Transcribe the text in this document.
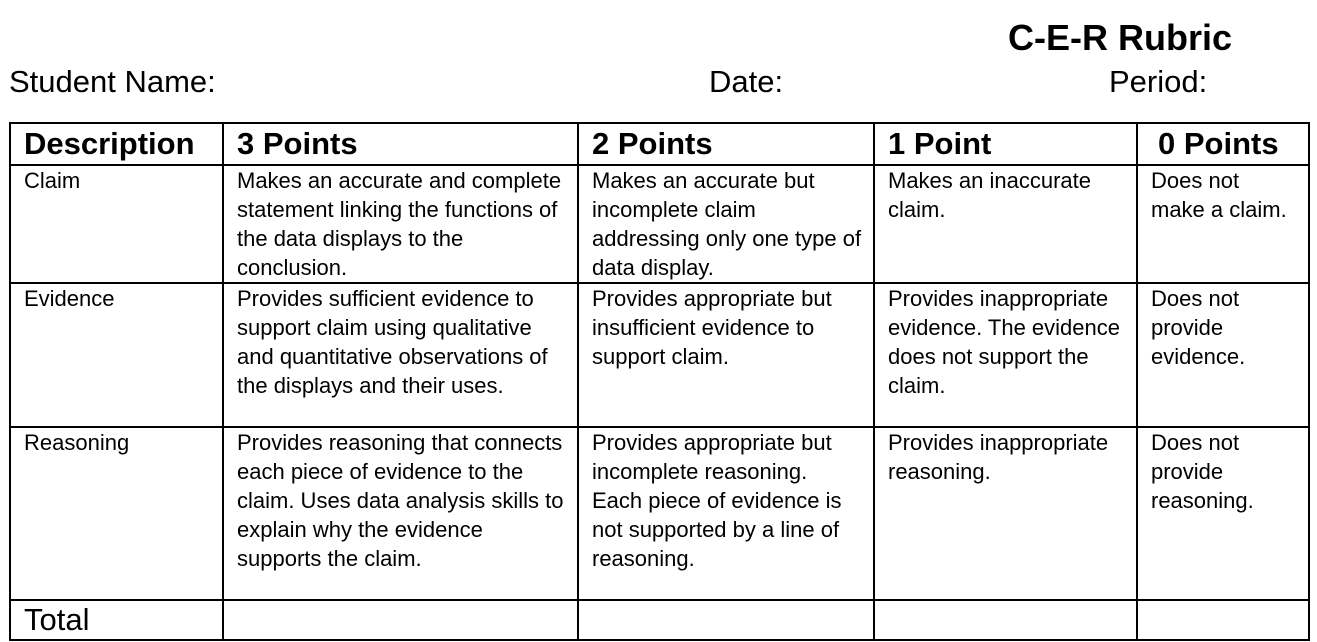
C-E-R Rubric
Student Name:	Date:	Period:
Description	3 Points	2 Points	1 Point	0 Points
Claim	Makes an accurate and complete statement linking the functions of the data displays to the conclusion.	Makes an accurate but incomplete claim addressing only one type of data display.	Makes an inaccurate claim.	Does not make a claim.
Evidence	Provides sufficient evidence to support claim using qualitative and quantitative observations of the displays and their uses.	Provides appropriate but insufficient evidence to support claim.	Provides inappropriate evidence. The evidence does not support the claim.	Does not provide evidence.
Reasoning	Provides reasoning that connects each piece of evidence to the claim. Uses data analysis skills to explain why the evidence supports the claim.	Provides appropriate but incomplete reasoning. Each piece of evidence is not supported by a line of reasoning.	Provides inappropriate reasoning.	Does not provide reasoning.
Total				
